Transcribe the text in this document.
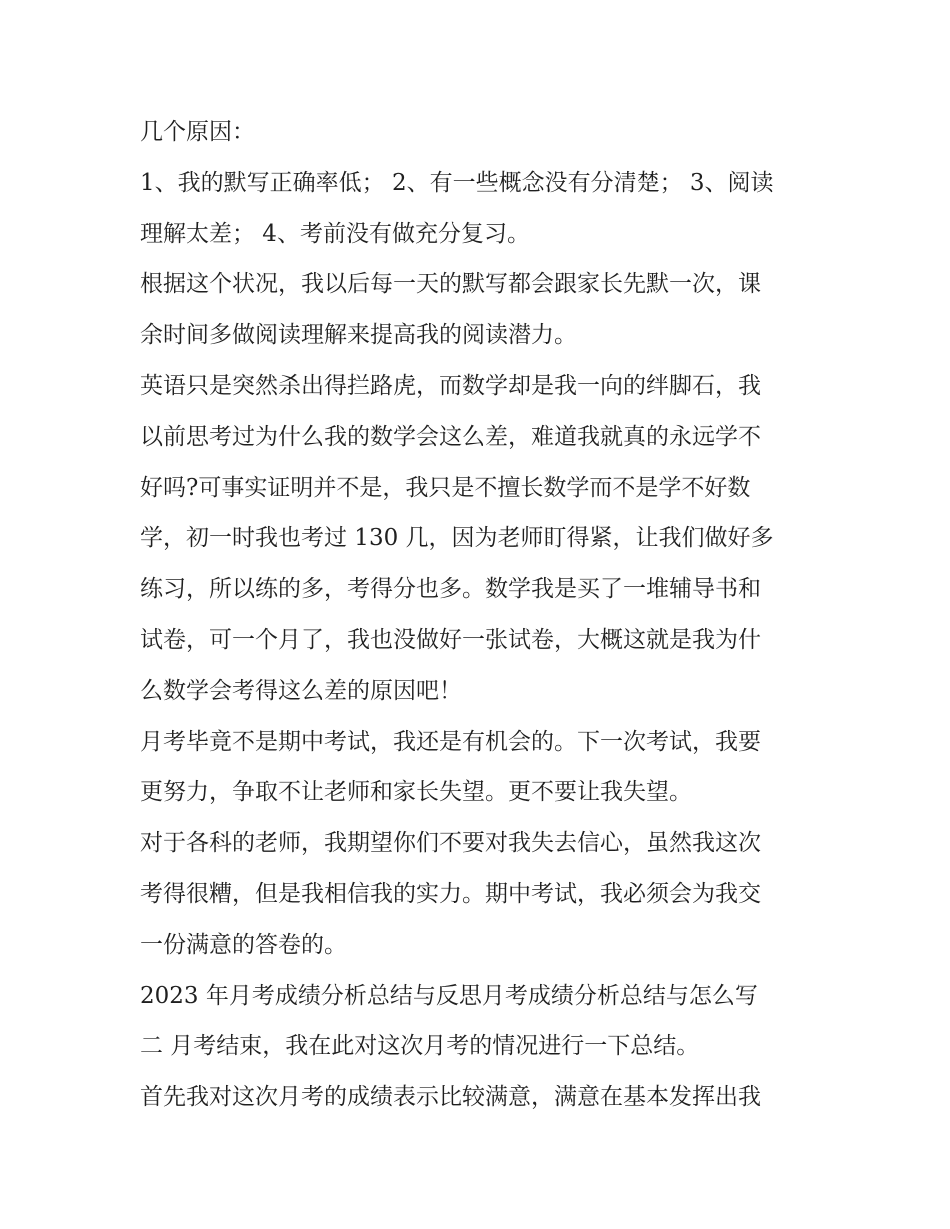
几个原因：
1、我的默写正确率低； 2、有一些概念没有分清楚； 3、阅读
理解太差； 4、考前没有做充分复习。
根据这个状况，我以后每一天的默写都会跟家长先默一次，课
余时间多做阅读理解来提高我的阅读潜力。
英语只是突然杀出得拦路虎，而数学却是我一向的绊脚石，我
以前思考过为什么我的数学会这么差，难道我就真的永远学不
好吗?可事实证明并不是，我只是不擅长数学而不是学不好数
学，初一时我也考过 130 几，因为老师盯得紧，让我们做好多
练习，所以练的多，考得分也多。数学我是买了一堆辅导书和
试卷，可一个月了，我也没做好一张试卷，大概这就是我为什
么数学会考得这么差的原因吧！
月考毕竟不是期中考试，我还是有机会的。下一次考试，我要
更努力，争取不让老师和家长失望。更不要让我失望。
对于各科的老师，我期望你们不要对我失去信心，虽然我这次
考得很糟，但是我相信我的实力。期中考试，我必须会为我交
一份满意的答卷的。
2023 年月考成绩分析总结与反思月考成绩分析总结与怎么写
二 月考结束，我在此对这次月考的情况进行一下总结。
首先我对这次月考的成绩表示比较满意，满意在基本发挥出我
